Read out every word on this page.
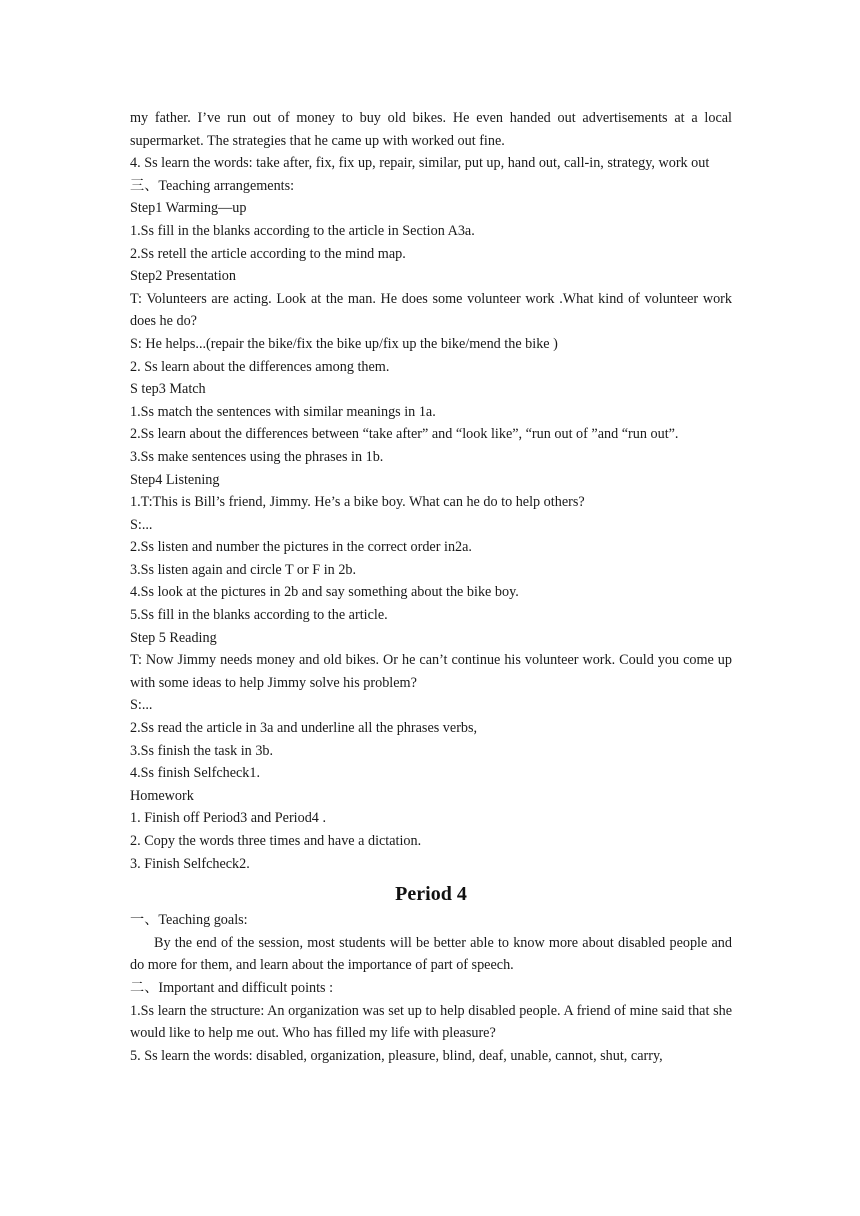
my father. I’ve run out of money to buy old bikes. He even handed out advertisements at a local supermarket. The strategies that he came up with worked out fine.

4. Ss learn the words: take after, fix, fix up, repair, similar, put up, hand out, call-in, strategy, work out

三、Teaching arrangements:

Step1 Warming—up

1.Ss fill in the blanks according to the article in Section A3a.

2.Ss retell the article according to the mind map.

Step2 Presentation

T: Volunteers are acting. Look at the man. He does some volunteer work .What kind of volunteer work does he do?

S: He helps...(repair the bike/fix the bike up/fix up the bike/mend the bike )

2. Ss learn about the differences among them.

S tep3 Match

1.Ss match the sentences with similar meanings in 1a.

2.Ss learn about the differences between “take after” and “look like”, “run out of ”and “run out”.

3.Ss make sentences using the phrases in 1b.

Step4 Listening

1.T:This is Bill’s friend, Jimmy. He’s a bike boy. What can he do to help others?

S:...

2.Ss listen and number the pictures in the correct order in2a.

3.Ss listen again and circle T or F in 2b.

4.Ss look at the pictures in 2b and say something about the bike boy.

5.Ss fill in the blanks according to the article.

Step 5 Reading

T: Now Jimmy needs money and old bikes. Or he can’t continue his volunteer work. Could you come up with some ideas to help Jimmy solve his problem?

S:...

2.Ss read the article in 3a and underline all the phrases verbs,

3.Ss finish the task in 3b.

4.Ss finish Selfcheck1.

Homework

1. Finish off Period3 and Period4 .

2. Copy the words three times and have a dictation.

3. Finish Selfcheck2.

Period 4

一、Teaching goals:

By the end of the session, most students will be better able to know more about disabled people and do more for them, and learn about the importance of part of speech.

二、Important and difficult points :

1.Ss learn the structure: An organization was set up to help disabled people. A friend of mine said that she would like to help me out. Who has filled my life with pleasure?

5. Ss learn the words: disabled, organization, pleasure, blind, deaf, unable, cannot, shut, carry,
